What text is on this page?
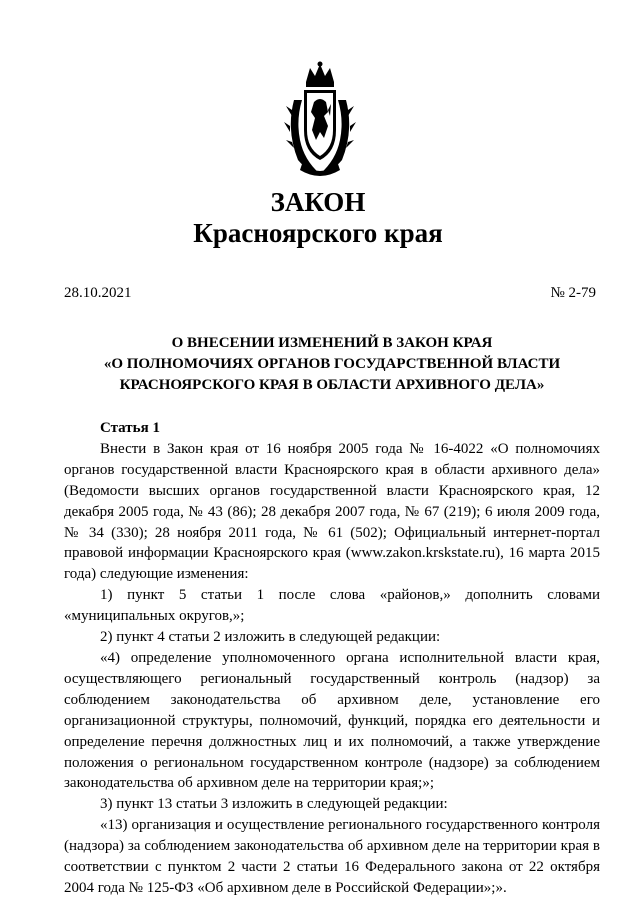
ЗАКОН
Красноярского края
28.10.2021	№ 2-79
О ВНЕСЕНИИ ИЗМЕНЕНИЙ В ЗАКОН КРАЯ
«О ПОЛНОМОЧИЯХ ОРГАНОВ ГОСУДАРСТВЕННОЙ ВЛАСТИ
КРАСНОЯРСКОГО КРАЯ В ОБЛАСТИ АРХИВНОГО ДЕЛА»

Статья 1

Внести в Закон края от 16 ноября 2005 года № 16-4022 «О полномочиях органов государственной власти Красноярского края в области архивного дела» (Ведомости высших органов государственной власти Красноярского края, 12 декабря 2005 года, № 43 (86); 28 декабря 2007 года, № 67 (219); 6 июля 2009 года, № 34 (330); 28 ноября 2011 года, № 61 (502); Официальный интернет-портал правовой информации Красноярского края (www.zakon.krskstate.ru), 16 марта 2015 года) следующие изменения:

1) пункт 5 статьи 1 после слова «районов,» дополнить словами «муниципальных округов,»;

2) пункт 4 статьи 2 изложить в следующей редакции:

«4) определение уполномоченного органа исполнительной власти края, осуществляющего региональный государственный контроль (надзор) за соблюдением законодательства об архивном деле, установление его организационной структуры, полномочий, функций, порядка его деятельности и определение перечня должностных лиц и их полномочий, а также утверждение положения о региональном государственном контроле (надзоре) за соблюдением законодательства об архивном деле на территории края;»;

3) пункт 13 статьи 3 изложить в следующей редакции:

«13) организация и осуществление регионального государственного контроля (надзора) за соблюдением законодательства об архивном деле на территории края в соответствии с пунктом 2 части 2 статьи 16 Федерального закона от 22 октября 2004 года № 125-ФЗ «Об архивном деле в Российской Федерации»;».
